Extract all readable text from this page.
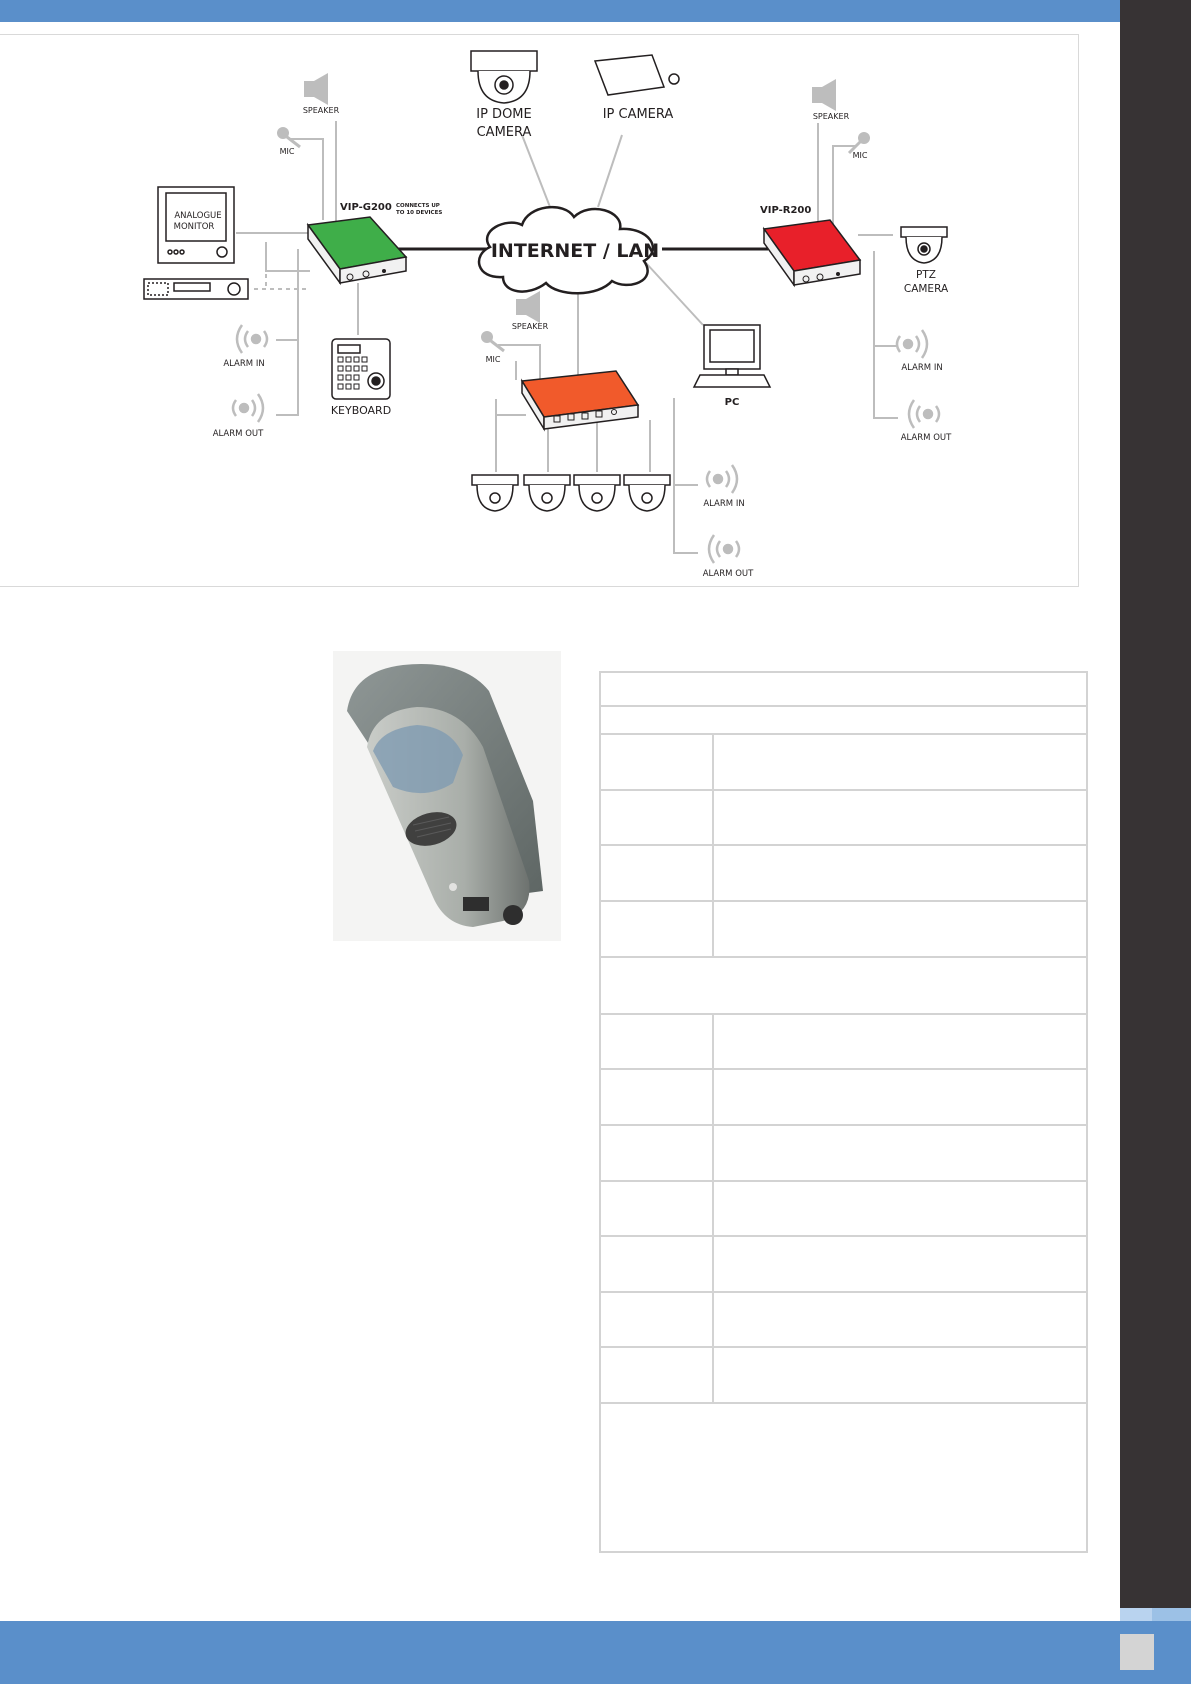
INTERNET / LAN
VIP-G200 CONNECTS UP
TO 10 DEVICES	VIP-R200
IP DOME
CAMERA
IP CAMERA
ANALOGUE
MONITOR
SPEAKER
SPEAKER
SPEAKER
MIC	MIC
MIC
ALARM IN
ALARM OUT
ALARM IN
ALARM OUT
ALARM IN
ALARM OUT
KEYBOARD
PC
PTZ
CAMERA
